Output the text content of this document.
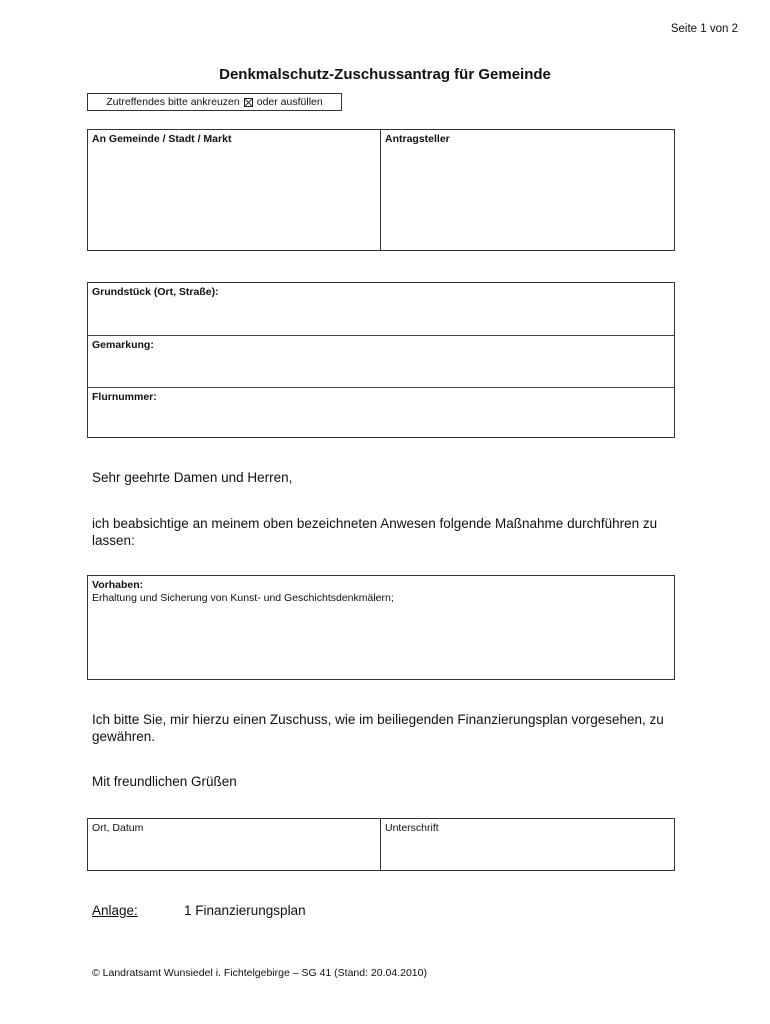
Seite 1 von 2
Denkmalschutz-Zuschussantrag für Gemeinde
Zutreffendes bitte ankreuzen oder ausfüllen
An Gemeinde / Stadt / Markt	Antragsteller
Grundstück (Ort, Straße):
Gemarkung:
Flurnummer:
Sehr geehrte Damen und Herren,
ich beabsichtige an meinem oben bezeichneten Anwesen folgende Maßnahme durchführen zu lassen:
Vorhaben:
Erhaltung und Sicherung von Kunst- und Geschichtsdenkmälern;
Ich bitte Sie, mir hierzu einen Zuschuss, wie im beiliegenden Finanzierungsplan vorgesehen, zu gewähren.
Mit freundlichen Grüßen
Ort, Datum	Unterschrift
Anlage:	1 Finanzierungsplan
© Landratsamt Wunsiedel i. Fichtelgebirge – SG 41 (Stand: 20.04.2010)
